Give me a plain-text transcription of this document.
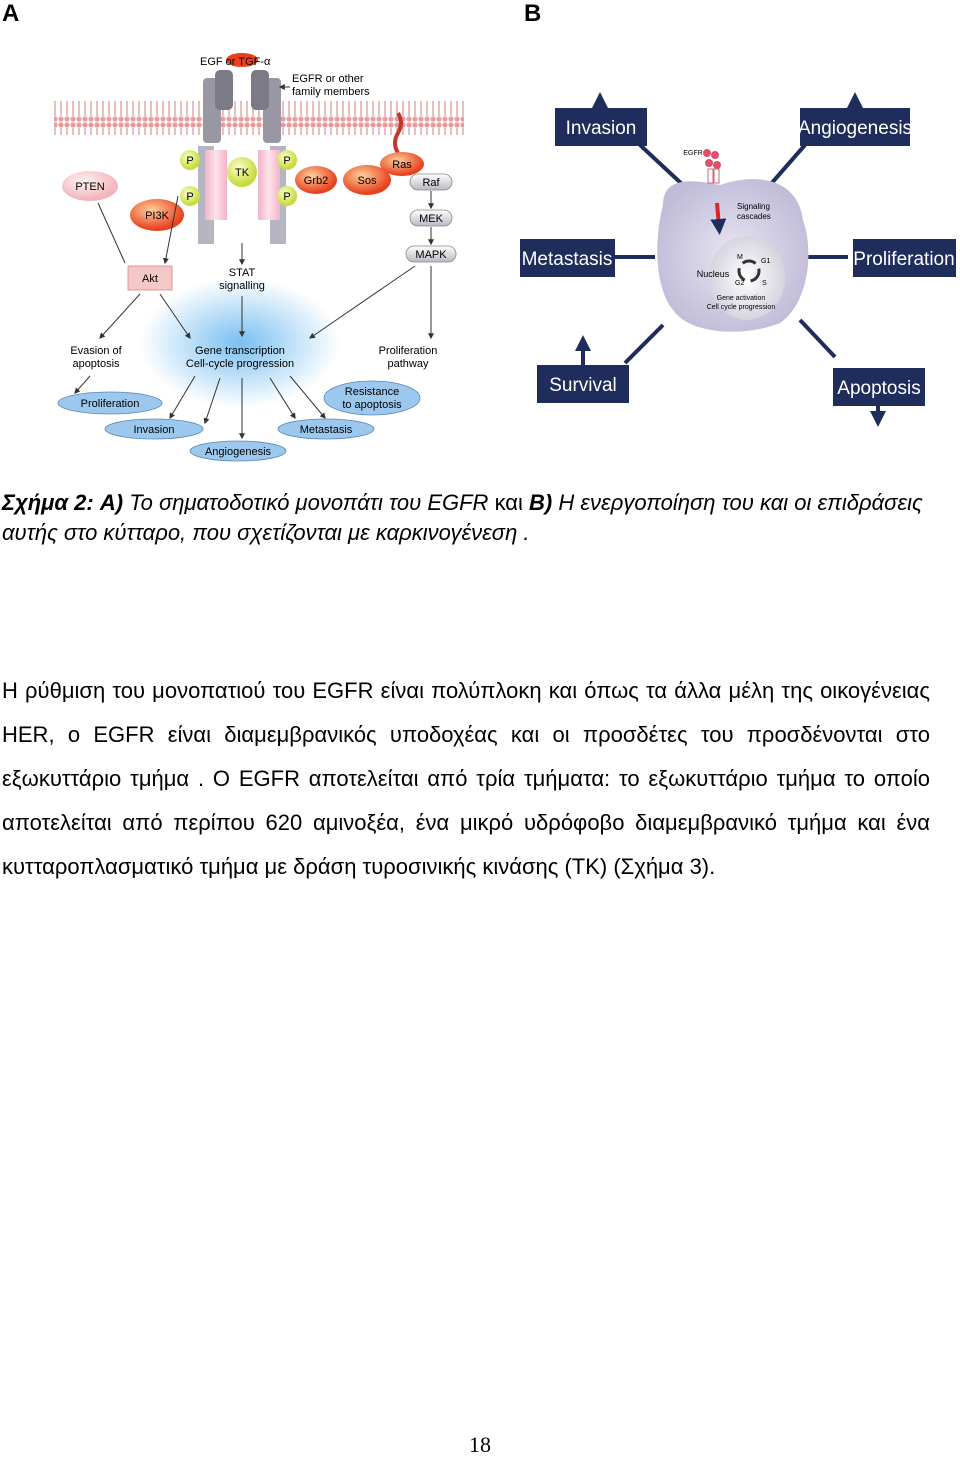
A	B
EGF or TGF-α
EGFR or other
family members
P
P
P
P
TK
Grb2	Sos
Ras
Raf
MEK
MAPK
PTEN
PI3K
Akt	STAT
signalling
Evasion of
apoptosis
Gene transcription
Cell-cycle progression
Proliferation
pathway
Proliferation
Resistance
to apoptosis
Invasion	Metastasis
Angiogenesis
EGFR
Signaling
cascades
Nucleus
M
G1
G2	S
Gene activation
Cell cycle progression
Invasion	Angiogenesis
Metastasis	Proliferation
Survival	Apoptosis
Σχήμα 2: A) Το σηματοδοτικό μονοπάτι του EGFR και B) Η ενεργοποίηση του και οι επιδράσεις αυτής στο κύτταρο, που σχετίζονται με καρκινογένεση .

Η ρύθμιση του μονοπατιού του EGFR είναι πολύπλοκη και όπως τα άλλα μέλη της οικογένειας HER, ο EGFR είναι διαμεμβρανικός υποδοχέας και οι προσδέτες του προσδένονται στο εξωκυττάριο τμήμα . Ο EGFR αποτελείται από τρία τμήματα: το εξωκυττάριο τμήμα το οποίο αποτελείται από περίπου 620 αμινοξέα, ένα μικρό υδρόφοβο διαμεμβρανικό τμήμα και ένα κυτταροπλασματικό τμήμα με δράση τυροσινικής κινάσης (TK) (Σχήμα 3).

18
